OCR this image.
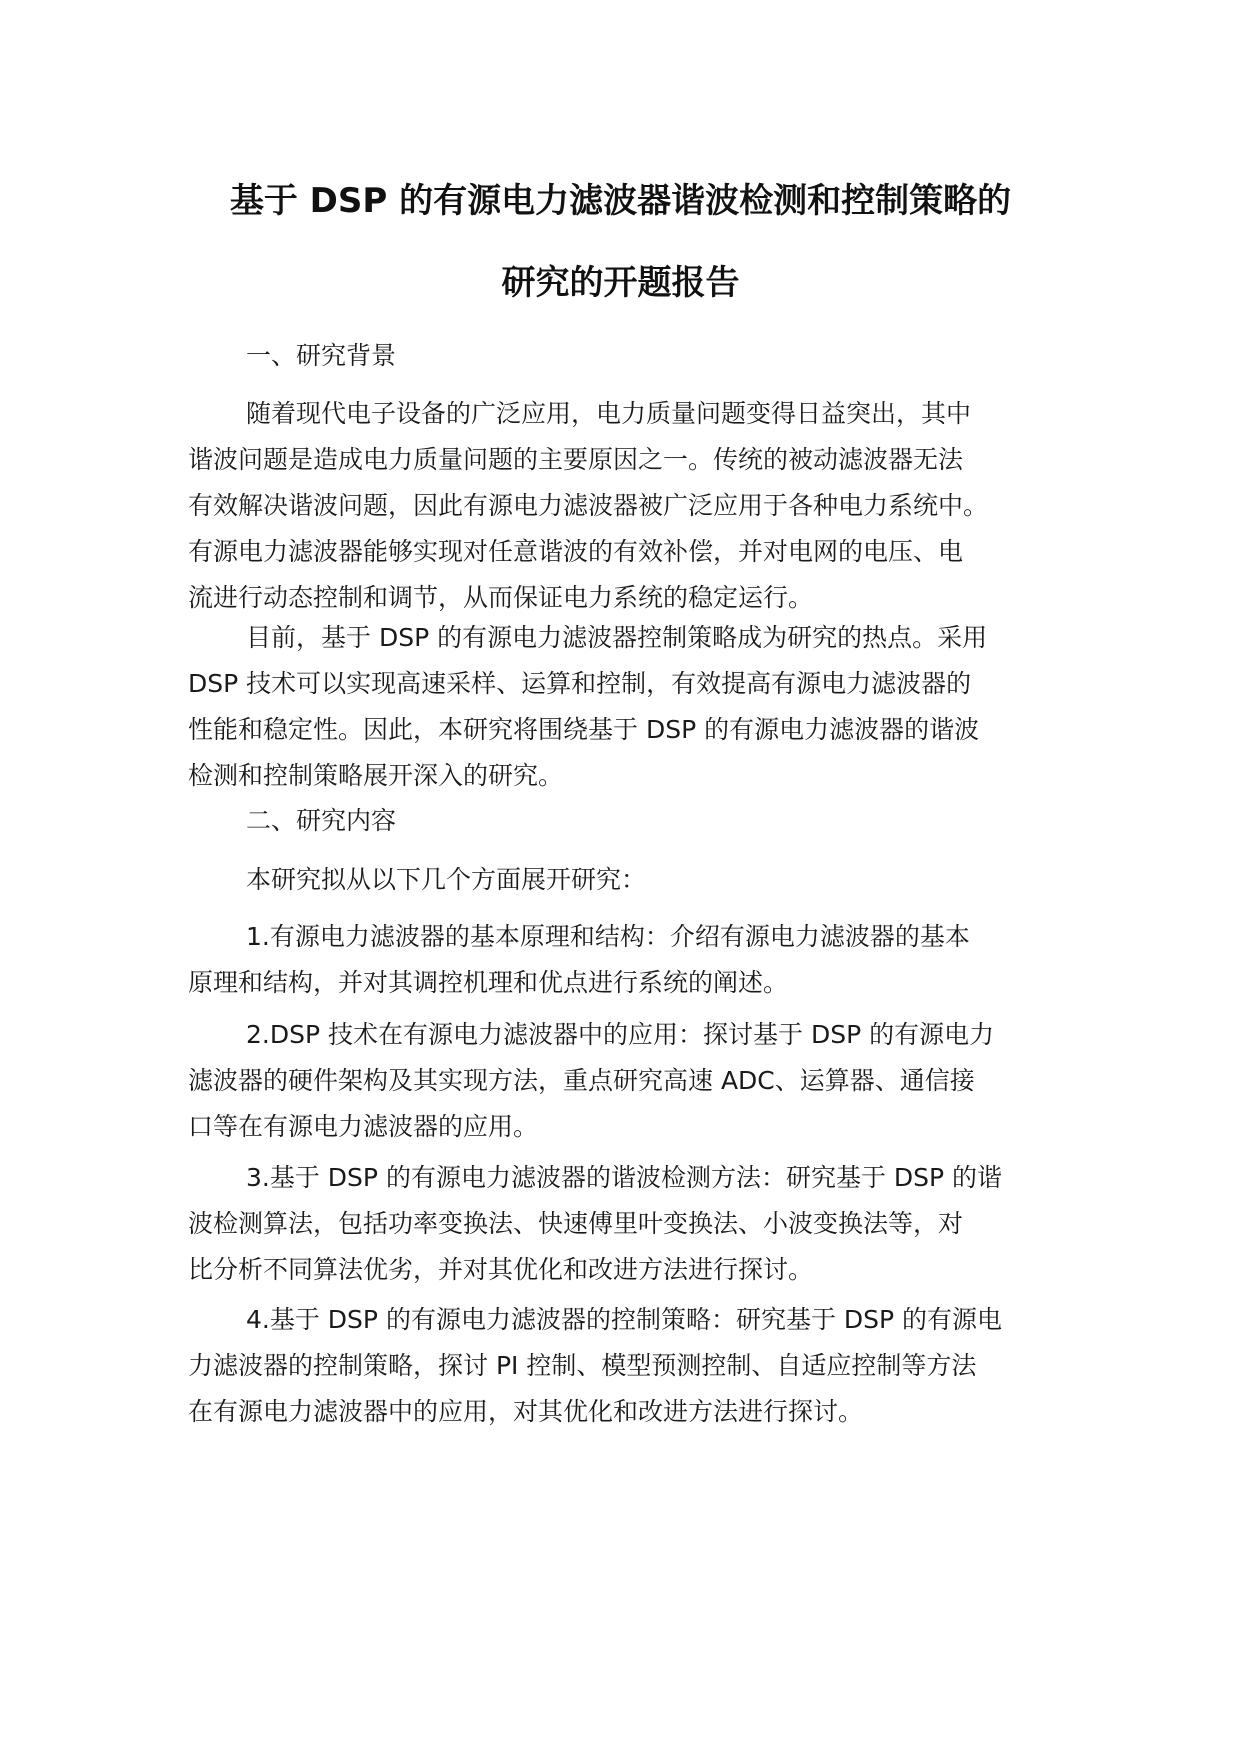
基于 DSP 的有源电力滤波器谐波检测和控制策略的
研究的开题报告
一、研究背景
随着现代电子设备的广泛应用，电力质量问题变得日益突出，其中
谐波问题是造成电力质量问题的主要原因之一。传统的被动滤波器无法
有效解决谐波问题，因此有源电力滤波器被广泛应用于各种电力系统中。
有源电力滤波器能够实现对任意谐波的有效补偿，并对电网的电压、电
流进行动态控制和调节，从而保证电力系统的稳定运行。
目前，基于 DSP 的有源电力滤波器控制策略成为研究的热点。采用
DSP 技术可以实现高速采样、运算和控制，有效提高有源电力滤波器的
性能和稳定性。因此，本研究将围绕基于 DSP 的有源电力滤波器的谐波
检测和控制策略展开深入的研究。
二、研究内容
本研究拟从以下几个方面展开研究：
1.有源电力滤波器的基本原理和结构：介绍有源电力滤波器的基本
原理和结构，并对其调控机理和优点进行系统的阐述。
2.DSP 技术在有源电力滤波器中的应用：探讨基于 DSP 的有源电力
滤波器的硬件架构及其实现方法，重点研究高速 ADC、运算器、通信接
口等在有源电力滤波器的应用。
3.基于 DSP 的有源电力滤波器的谐波检测方法：研究基于 DSP 的谐
波检测算法，包括功率变换法、快速傅里叶变换法、小波变换法等，对
比分析不同算法优劣，并对其优化和改进方法进行探讨。
4.基于 DSP 的有源电力滤波器的控制策略：研究基于 DSP 的有源电
力滤波器的控制策略，探讨 PI 控制、模型预测控制、自适应控制等方法
在有源电力滤波器中的应用，对其优化和改进方法进行探讨。
